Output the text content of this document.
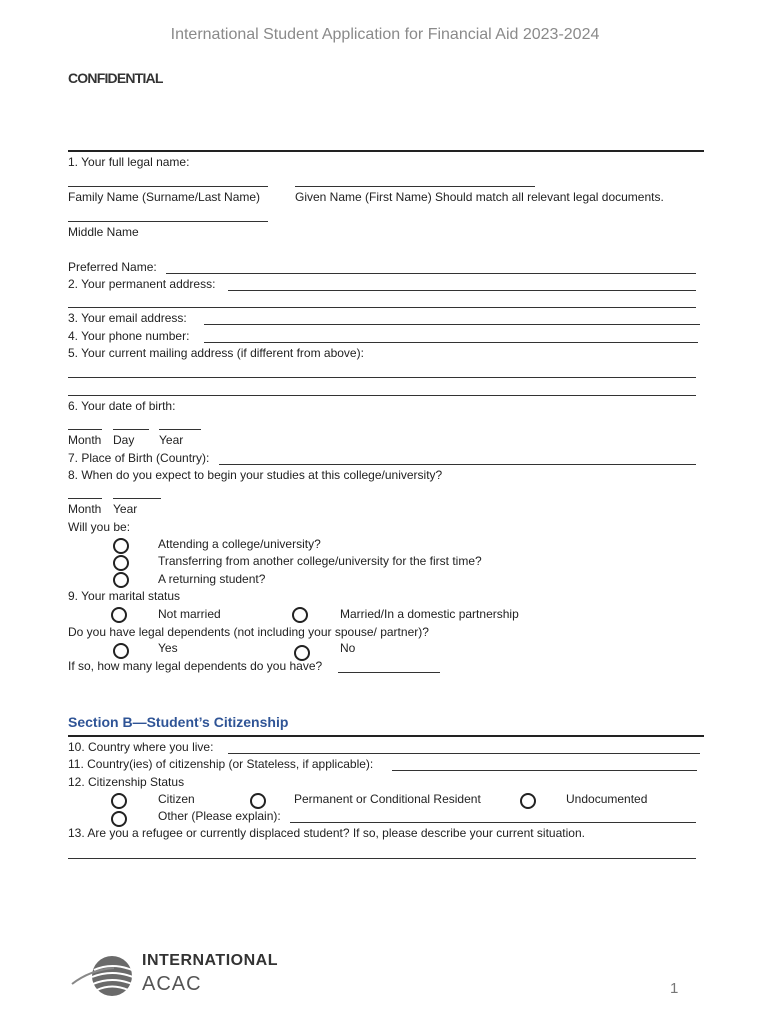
International Student Application for Financial Aid 2023-2024
CONFIDENTIAL
1. Your full legal name:
Family Name (Surname/Last Name)	Given Name (First Name) Should match all relevant legal documents.
Middle Name
Preferred Name:
2. Your permanent address:
3. Your email address:
4. Your phone number:
5. Your current mailing address (if different from above):
6. Your date of birth:
Month Day Year
7. Place of Birth (Country):
8. When do you expect to begin your studies at this college/university?
Month Year
Will you be:
Attending a college/university?
Transferring from another college/university for the first time?
A returning student?
9. Your marital status
Not married	Married/In a domestic partnership
Do you have legal dependents (not including your spouse/ partner)?
Yes	No
If so, how many legal dependents do you have?
Section B—Student’s Citizenship
10. Country where you live:
11. Country(ies) of citizenship (or Stateless, if applicable):
12. Citizenship Status
Citizen	Permanent or Conditional Resident	Undocumented
Other (Please explain):
13. Are you a refugee or currently displaced student? If so, please describe your current situation.
INTERNATIONAL
ACAC	1
